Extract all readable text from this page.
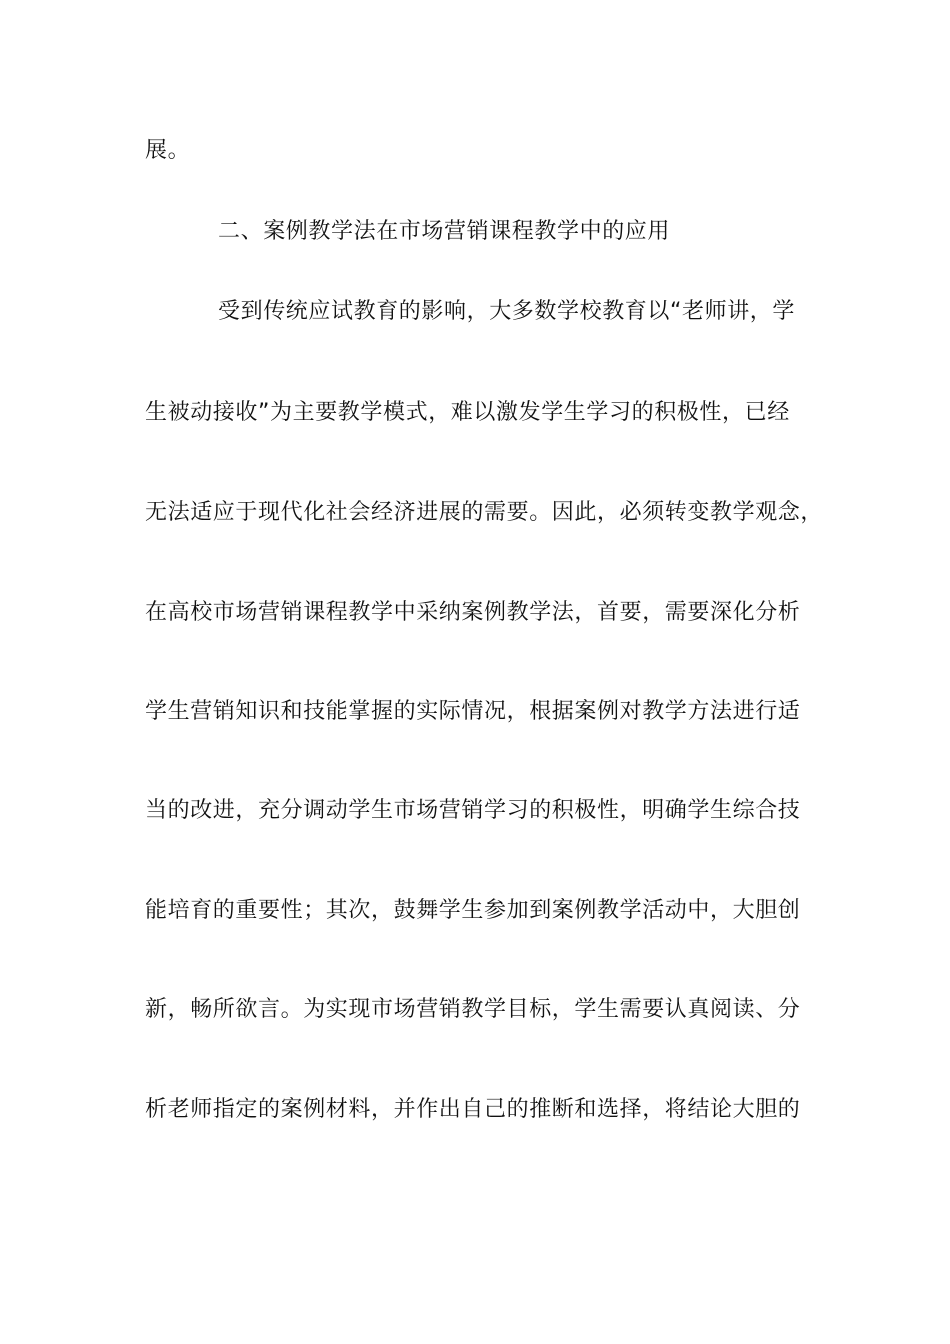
展。
二、案例教学法在市场营销课程教学中的应用
受到传统应试教育的影响，大多数学校教育以“老师讲，学
生被动接收”为主要教学模式，难以激发学生学习的积极性，已经
无法适应于现代化社会经济进展的需要。因此，必须转变教学观念，
在高校市场营销课程教学中采纳案例教学法，首要，需要深化分析
学生营销知识和技能掌握的实际情况，根据案例对教学方法进行适
当的改进，充分调动学生市场营销学习的积极性，明确学生综合技
能培育的重要性；其次，鼓舞学生参加到案例教学活动中，大胆创
新，畅所欲言。为实现市场营销教学目标，学生需要认真阅读、分
析老师指定的案例材料，并作出自己的推断和选择，将结论大胆的
